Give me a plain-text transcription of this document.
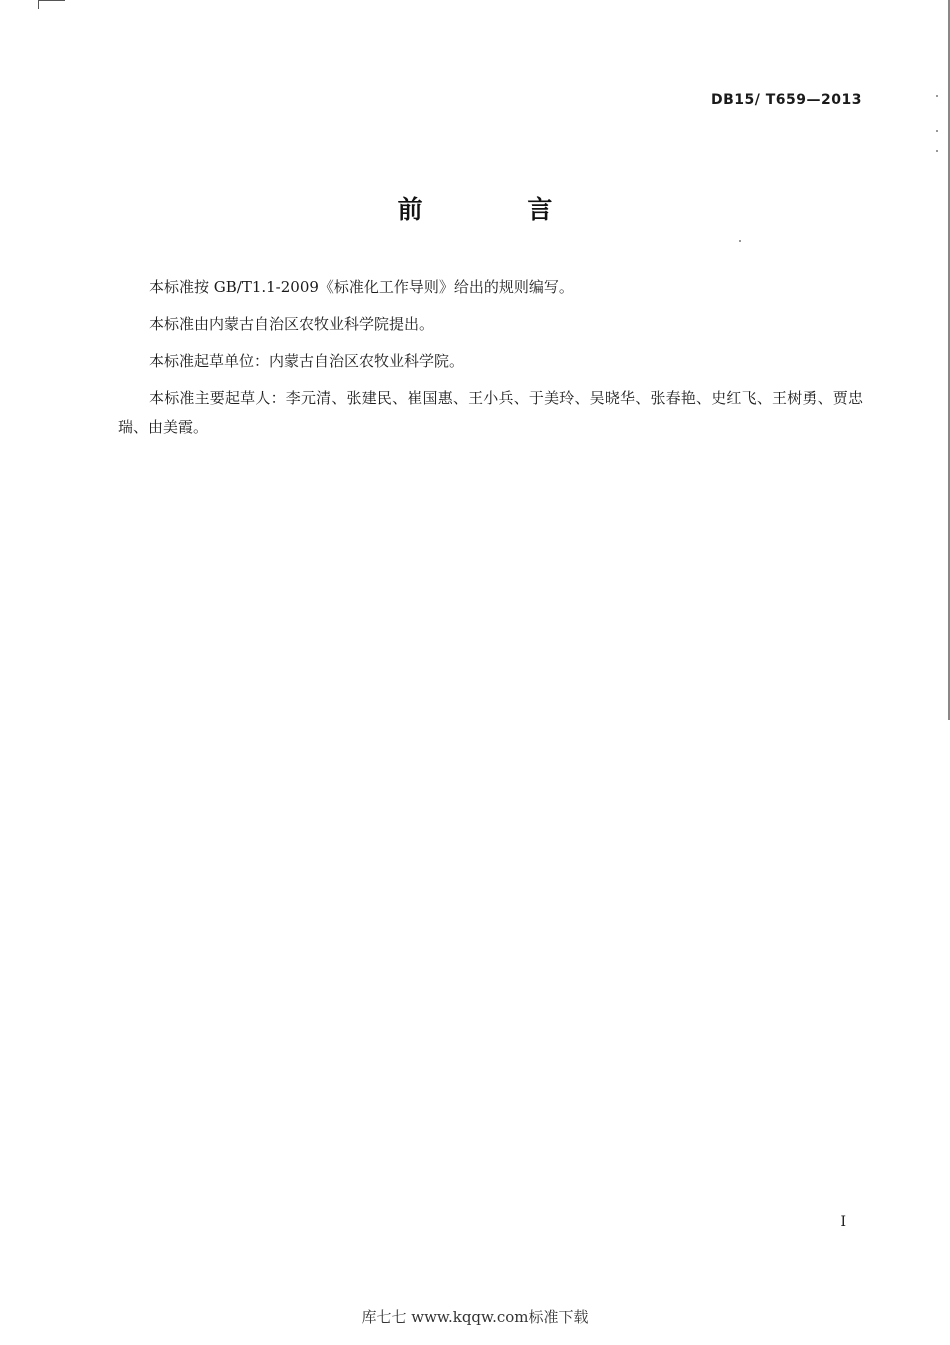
DB15/ T659—2013
前 言

本标准按 GB/T1.1-2009《标准化工作导则》给出的规则编写。

本标准由内蒙古自治区农牧业科学院提出。

本标准起草单位：内蒙古自治区农牧业科学院。

本标准主要起草人：李元清、张建民、崔国惠、王小兵、于美玲、吴晓华、张春艳、史红飞、王树勇、贾忠瑞、由美霞。

I
库七七 www.kqqw.com标准下载
